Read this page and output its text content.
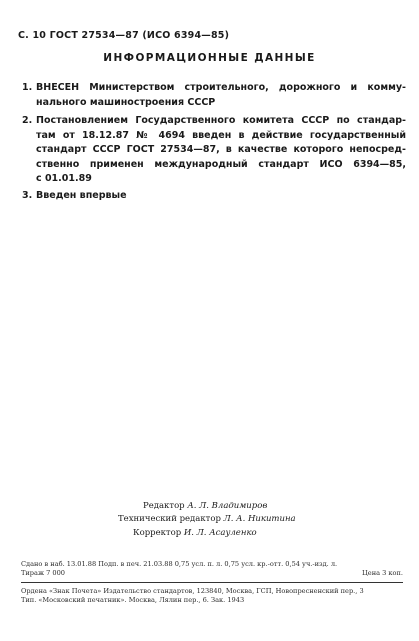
С. 10 ГОСТ 27534—87 (ИСО 6394—85)
ИНФОРМАЦИОННЫЕ ДАННЫЕ
1. ВНЕСЕН Министерством строительного, дорожного и комму-
нального машиностроения СССР
2. Постановлением Государственного комитета СССР по стандар-
там от 18.12.87 № 4694 введен в действие государственный
стандарт СССР ГОСТ 27534—87, в качестве которого непосред-
ственно применен международный стандарт ИСО 6394—85,
с 01.01.89
3. Введен впервые
Редактор А. Л. Владимиров
Технический редактор Л. А. Никитина
Корректор И. Л. Асауленко
Сдано в наб. 13.01.88 Подп. в печ. 21.03.88 0,75 усл. п. л. 0,75 усл. кр.-отт. 0,54 уч.-изд. л.
Тираж 7 000	Цена 3 коп.
Ордена «Знак Почета» Издательство стандартов, 123840, Москва, ГСП, Новопресненский пер., 3
Тип. «Московский печатник». Москва, Лялин пер., 6. Зак. 1943
